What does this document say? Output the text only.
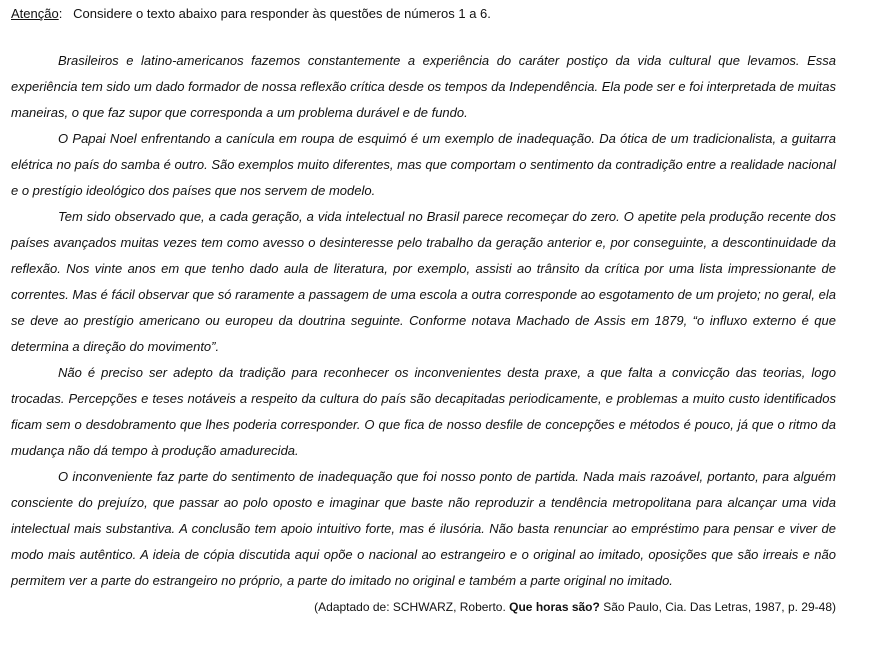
Atenção: Considere o texto abaixo para responder às questões de números 1 a 6.

Brasileiros e latino-americanos fazemos constantemente a experiência do caráter postiço da vida cultural que levamos. Essa experiência tem sido um dado formador de nossa reflexão crítica desde os tempos da Independência. Ela pode ser e foi interpretada de muitas maneiras, o que faz supor que corresponda a um problema durável e de fundo.

O Papai Noel enfrentando a canícula em roupa de esquimó é um exemplo de inadequação. Da ótica de um tradicionalista, a guitarra elétrica no país do samba é outro. São exemplos muito diferentes, mas que comportam o sentimento da contradição entre a realidade nacional e o prestígio ideológico dos países que nos servem de modelo.

Tem sido observado que, a cada geração, a vida intelectual no Brasil parece recomeçar do zero. O apetite pela produção recente dos países avançados muitas vezes tem como avesso o desinteresse pelo trabalho da geração anterior e, por conseguinte, a descontinuidade da reflexão. Nos vinte anos em que tenho dado aula de literatura, por exemplo, assisti ao trânsito da crítica por uma lista impressionante de correntes. Mas é fácil observar que só raramente a passagem de uma escola a outra corresponde ao esgotamento de um projeto; no geral, ela se deve ao prestígio americano ou europeu da doutrina seguinte. Conforme notava Machado de Assis em 1879, “o influxo externo é que determina a direção do movimento”.

Não é preciso ser adepto da tradição para reconhecer os inconvenientes desta praxe, a que falta a convicção das teorias, logo trocadas. Percepções e teses notáveis a respeito da cultura do país são decapitadas periodicamente, e problemas a muito custo identificados ficam sem o desdobramento que lhes poderia corresponder. O que fica de nosso desfile de concepções e métodos é pouco, já que o ritmo da mudança não dá tempo à produção amadurecida.

O inconveniente faz parte do sentimento de inadequação que foi nosso ponto de partida. Nada mais razoável, portanto, para alguém consciente do prejuízo, que passar ao polo oposto e imaginar que baste não reproduzir a tendência metropolitana para alcançar uma vida intelectual mais substantiva. A conclusão tem apoio intuitivo forte, mas é ilusória. Não basta renunciar ao empréstimo para pensar e viver de modo mais autêntico. A ideia de cópia discutida aqui opõe o nacional ao estrangeiro e o original ao imitado, oposições que são irreais e não permitem ver a parte do estrangeiro no próprio, a parte do imitado no original e também a parte original no imitado.

(Adaptado de: SCHWARZ, Roberto. Que horas são? São Paulo, Cia. Das Letras, 1987, p. 29-48)
